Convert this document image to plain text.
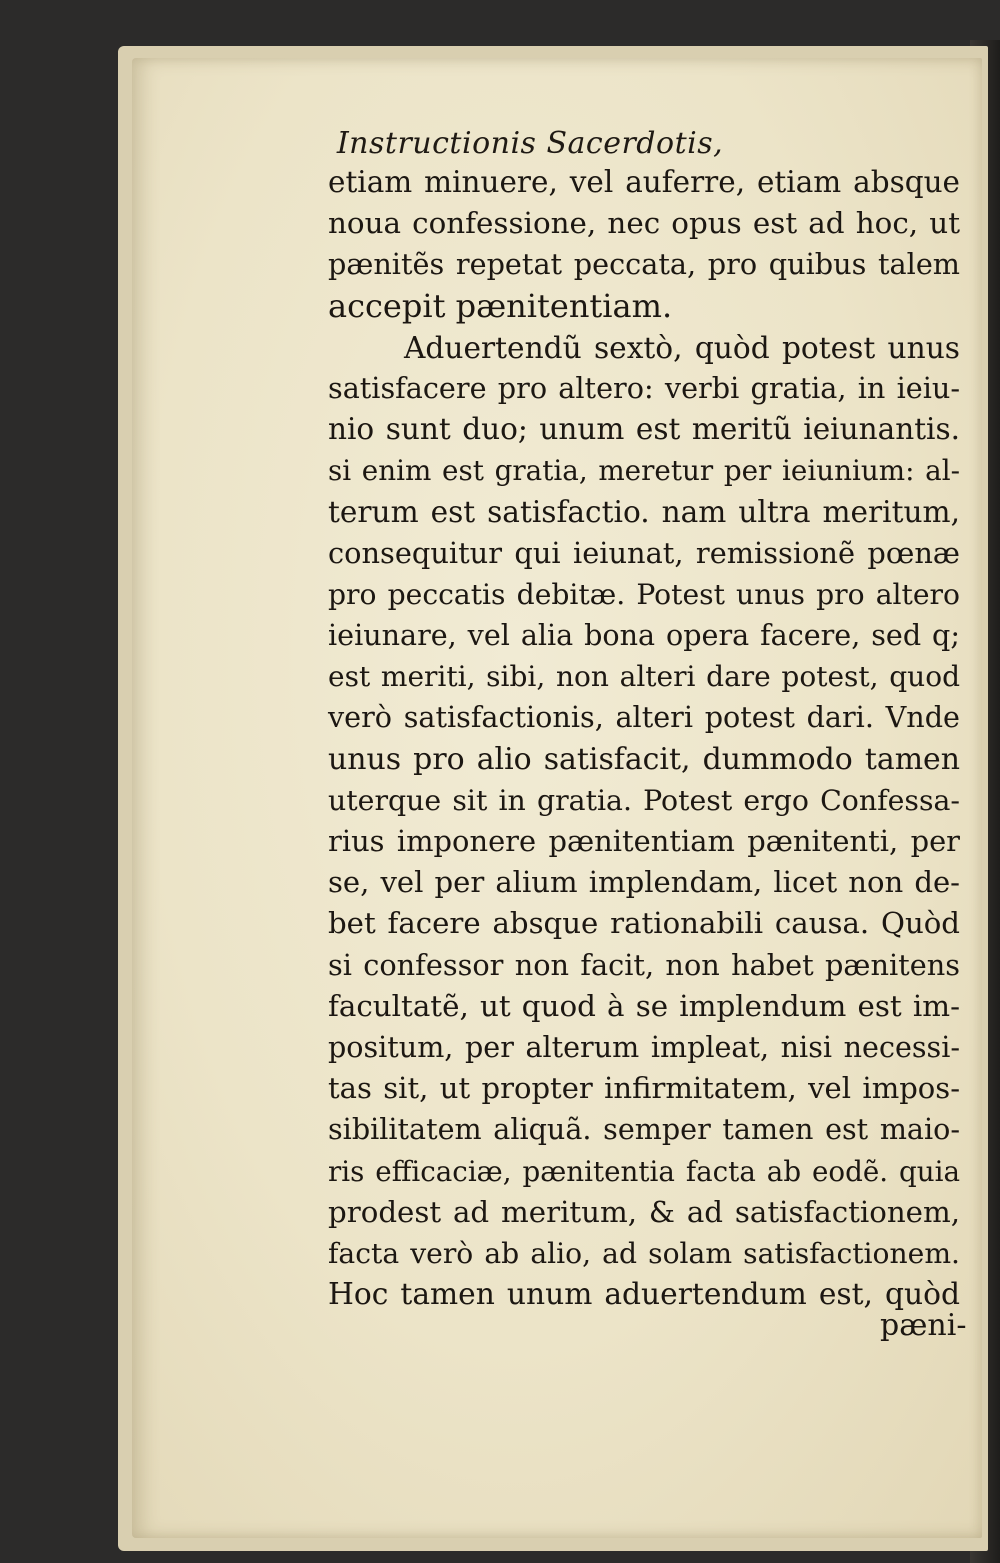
Instructionis Sacerdotis,
etiam minuere, vel auferre, etiam absque
noua confessione, nec opus est ad hoc, ut
pænitẽs repetat peccata, pro quibus talem
accepit pænitentiam.
Aduertendũ sextò, quòd potest unus
satisfacere pro altero: verbi gratia, in ieiu-
nio sunt duo; unum est meritũ ieiunantis.
si enim est gratia, meretur per ieiunium: al-
terum est satisfactio. nam ultra meritum,
consequitur qui ieiunat, remissionẽ pœnæ
pro peccatis debitæ. Potest unus pro altero
ieiunare, vel alia bona opera facere, sed q;
est meriti, sibi, non alteri dare potest, quod
verò satisfactionis, alteri potest dari. Vnde
unus pro alio satisfacit, dummodo tamen
uterque sit in gratia. Potest ergo Confessa-
rius imponere pænitentiam pænitenti, per
se, vel per alium implendam, licet non de-
bet facere absque rationabili causa. Quòd
si confessor non facit, non habet pænitens
facultatẽ, ut quod à se implendum est im-
positum, per alterum impleat, nisi necessi-
tas sit, ut propter infirmitatem, vel impos-
sibilitatem aliquã. semper tamen est maio-
ris efficaciæ, pænitentia facta ab eodẽ. quia
prodest ad meritum, & ad satisfactionem,
facta verò ab alio, ad solam satisfactionem.
Hoc tamen unum aduertendum est, quòd
pæni-
